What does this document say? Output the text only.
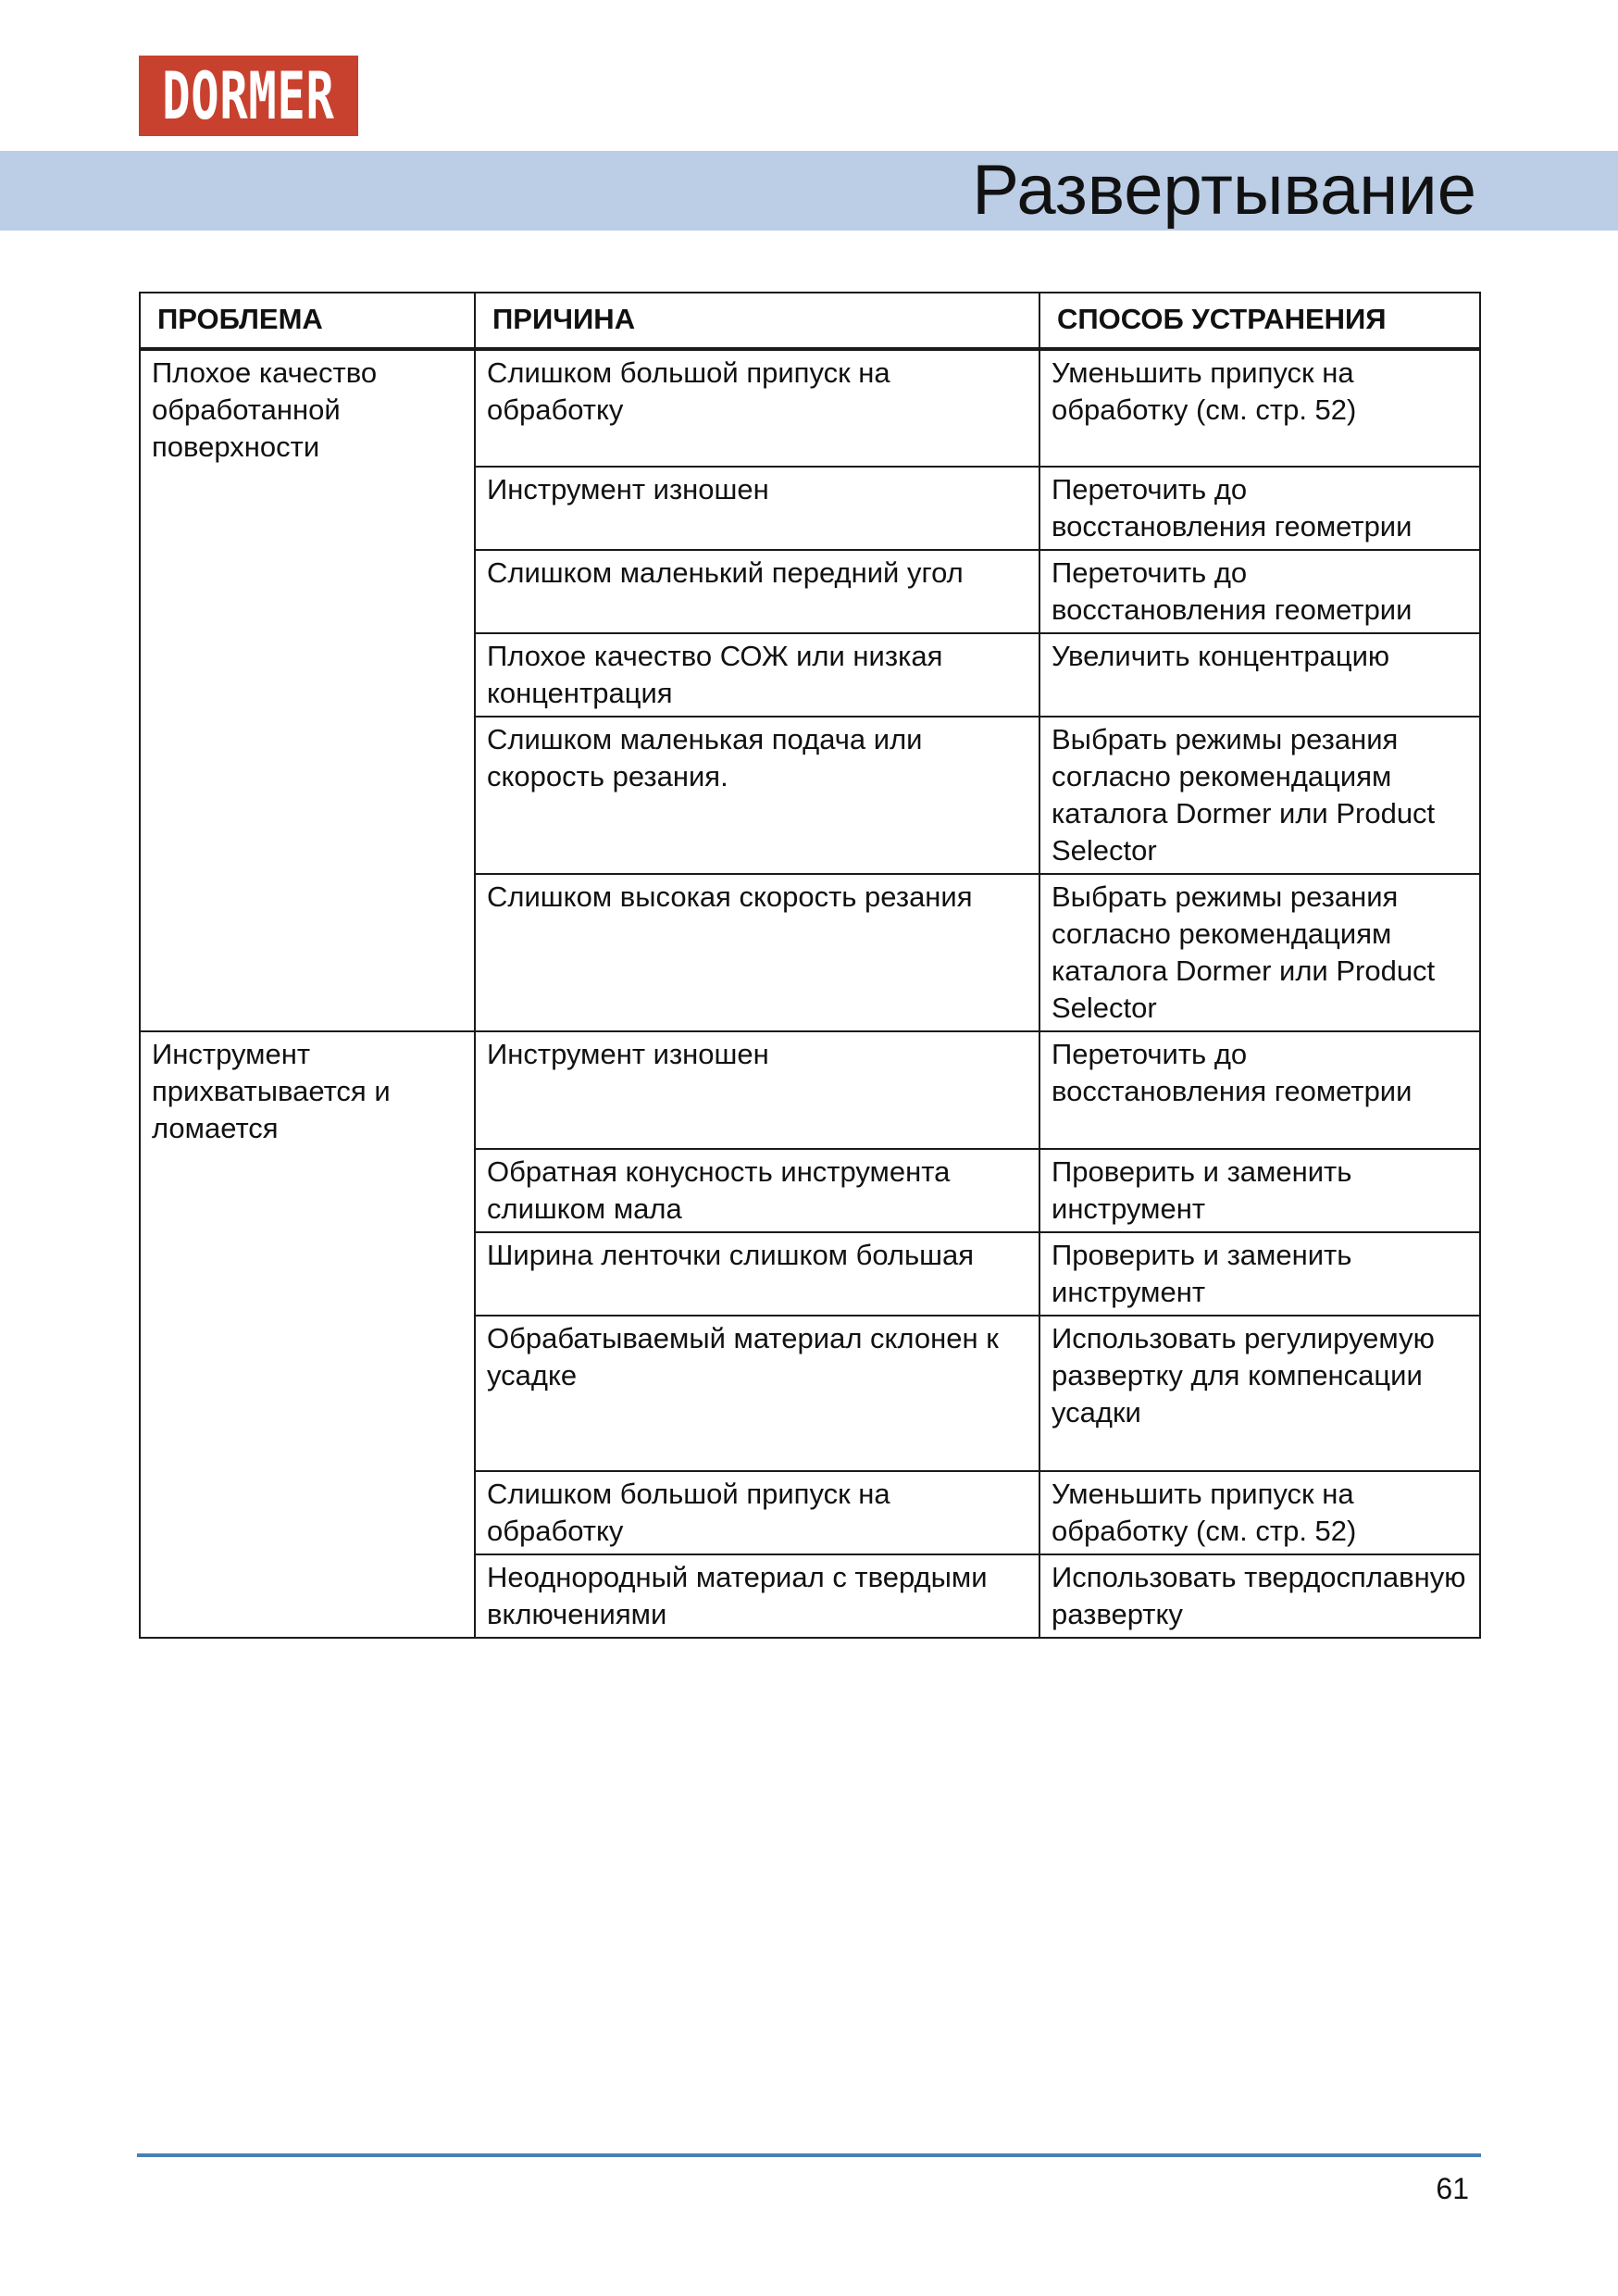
DORMER
Развертывание
ПРОБЛЕМА	ПРИЧИНА	СПОСОБ УСТРАНЕНИЯ
Плохое качество обработанной поверхности	Слишком большой припуск на обработку	Уменьшить припуск на обработку (см. стр. 52)
	Инструмент изношен	Переточить до восстановления геометрии
	Слишком маленький передний угол	Переточить до восстановления геометрии
	Плохое качество СОЖ или низкая концентрация	Увеличить концентрацию
	Слишком маленькая подача или скорость резания.	Выбрать режимы резания согласно рекомендациям каталога Dormer или Product Selector
	Слишком высокая скорость резания	Выбрать режимы резания согласно рекомендациям каталога Dormer или Product Selector
Инструмент прихватывается и ломается	Инструмент изношен	Переточить до восстановления геометрии
	Обратная конусность инструмента слишком мала	Проверить и заменить инструмент
	Ширина ленточки слишком большая	Проверить и заменить инструмент
	Обрабатываемый материал склонен к усадке	Использовать регулируемую развертку для компенсации усадки
	Слишком большой припуск на обработку	Уменьшить припуск на обработку (см. стр. 52)
	Неоднородный материал с твердыми включениями	Использовать твердосплавную развертку
61
